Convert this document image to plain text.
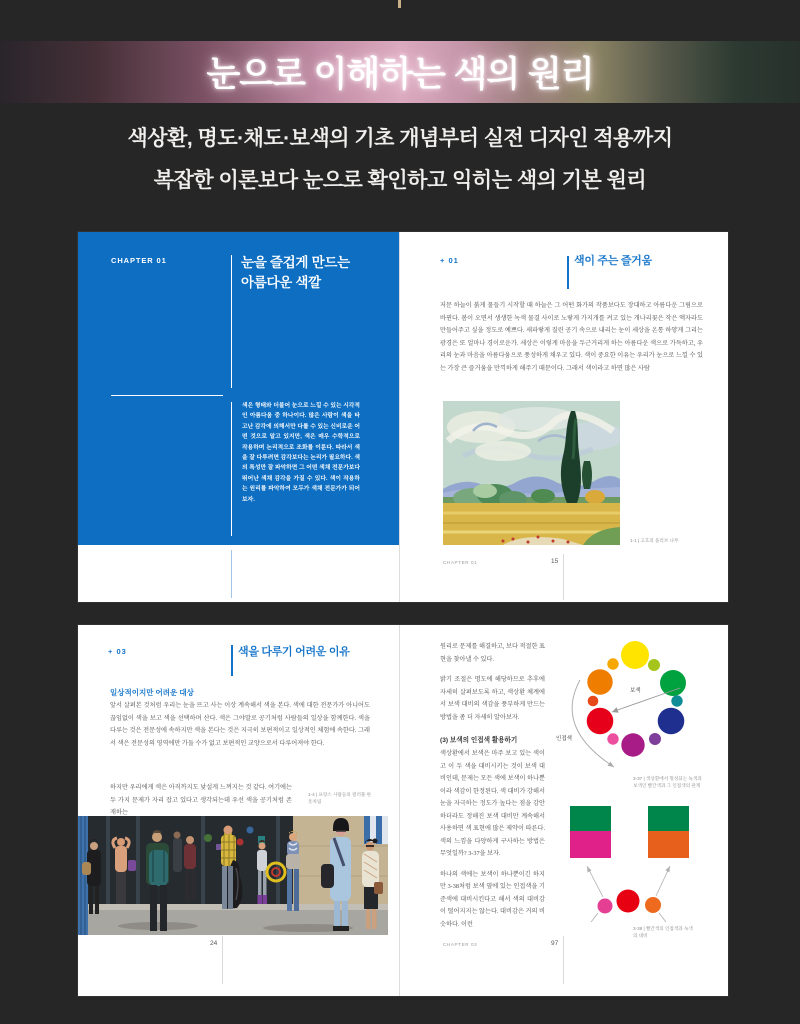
눈으로 이해하는 색의 원리

색상환, 명도·채도·보색의 기초 개념부터 실전 디자인 적용까지

복잡한 이론보다 눈으로 확인하고 익히는 색의 기본 원리

CHAPTER 01	눈을 즐겁게 만드는
아름다운 색깔

색은 형태와 더불어 눈으로 느낄 수 있는 시각적인 아름다움 중 하나이다. 많은 사람이 색을 타고난 감각에 의해서만 다룰 수 있는 신비로운 어떤 것으로 알고 있지만, 색은 매우 수학적으로 작용하며 논리적으로 조화를 이룬다. 따라서 색을 잘 다루려면 감각보다는 논리가 필요하다. 색의 특성만 잘 파악하면 그 어떤 색채 전문가보다 뛰어난 색채 감각을 가질 수 있다. 색이 작용하는 원리를 파악하여 모두가 색채 전문가가 되어보자.

+ 01	색이 주는 즐거움

저문 하늘이 붉게 물들기 시작할 때 하늘은 그 어떤 화가의 작품보다도 장대하고 아름다운 그림으로 바뀐다. 봄이 오면서 생생한 녹색 물결 사이로 노랗게 가지개를 켜고 있는 개나리꽃은 작은 액자라도 만들어주고 싶을 정도로 예쁘다. 새파랗게 질린 공기 속으로 내리는 눈이 세상을 온통 하얗게 그리는 광경은 또 얼마나 경이로운가. 세상은 이렇게 마음을 두근거리게 하는 아름다운 색으로 가득하고, 우리의 눈과 마음을 아름다움으로 풍성하게 채우고 있다. 색이 중요한 이유는 우리가 눈으로 느낄 수 있는 가장 큰 즐거움을 만끽하게 해주기 때문이다. 그래서 색이라고 하면 많은 사람

1-1 | 고흐의 올리브 나무
CHAPTER 01	15
+ 03	색을 다루기 어려운 이유
일상적이지만 어려운 대상

앞서 살펴본 것처럼 우리는 눈을 뜨고 사는 이상 계속해서 색을 본다. 색에 대한 전문가가 아니어도 끊임없이 색을 보고 색을 선택하며 산다. 색은 그야말로 공기처럼 사람들의 일상을 함께한다. 색을 다루는 것은 전문성에 속하지만 색을 본다는 것은 지극히 보편적이고 일상적인 체험에 속한다. 그래서 색은 전문성의 영역에만 가둘 수가 없고 보편적인 교양으로서 다루어져야 한다.

하지만 우리에게 색은 아직까지도 낯설게 느껴지는 것 같다. 여기에는 두 가지 문제가 자리 잡고 있다고 생각되는데 우선 색을 공기처럼 존재하는

1-4 | 프랑스 사람들의 컬러풀 한 옷차림
24

원리로 문제를 해결하고, 보다 적절한 표현을 찾아낼 수 있다.

밝기 조절은 명도에 해당하므로 추후에 자세히 살펴보도록 하고, 색상환 체계에서 보색 대비의 색감을 풍부하게 만드는 방법을 좀 더 자세히 알아보자.

(3) 보색의 인접색 활용하기

색상환에서 보색은 마주 보고 있는 색이고 이 두 색을 대비시키는 것이 보색 대비인데, 문제는 모든 색에 보색이 하나뿐이라 색감이 한정된다. 색 대비가 강해서 눈을 자극하는 정도가 높다는 점을 감안하더라도 정해진 보색 대비만 계속해서 사용하면 색 표현에 많은 제약이 따른다. 색의 느낌을 다양하게 구사하는 방법은 무엇일까? 3-37을 보자.

하나의 색에는 보색이 하나뿐이긴 하지만 3-38처럼 보색 옆에 있는 인접색을 기준색에 대비시킨다고 해서 색의 대비감이 떨어지지는 않는다. 대비감은 거의 비슷하다. 이런

보색
인접색
3-37 | 색상환에서 형성되는 녹색과 보색인 빨간색과 그 인접색의 관계
3-38 | 빨간색의 인접색과 녹색의 대비
CHAPTER 03	97
